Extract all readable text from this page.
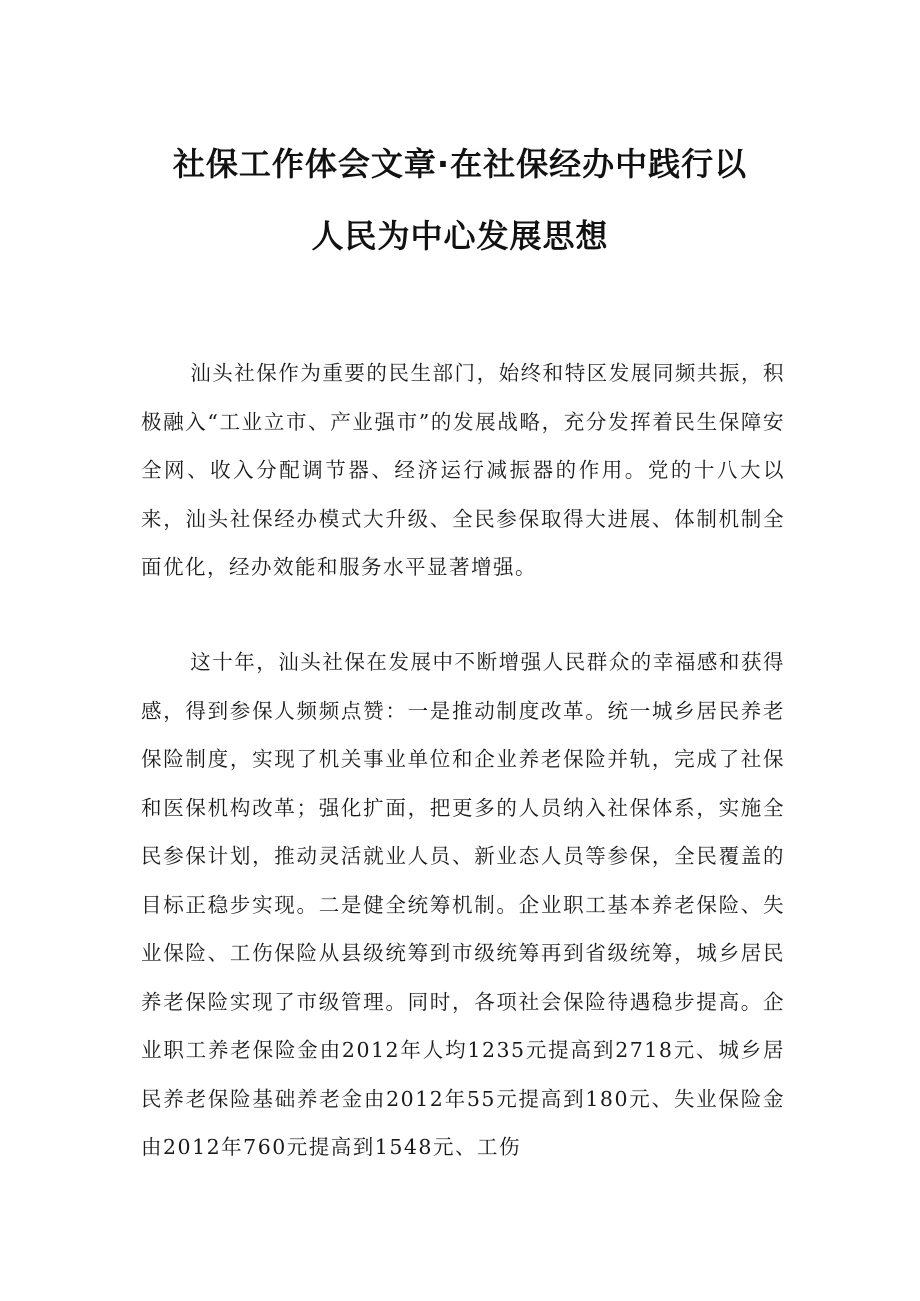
社保工作体会文章·在社保经办中践行以
人民为中心发展思想

汕头社保作为重要的民生部门，始终和特区发展同频共振，积极融入“工业立市、产业强市”的发展战略，充分发挥着民生保障安全网、收入分配调节器、经济运行减振器的作用。党的十八大以来，汕头社保经办模式大升级、全民参保取得大进展、体制机制全面优化，经办效能和服务水平显著增强。

这十年，汕头社保在发展中不断增强人民群众的幸福感和获得感，得到参保人频频点赞：一是推动制度改革。统一城乡居民养老保险制度，实现了机关事业单位和企业养老保险并轨，完成了社保和医保机构改革；强化扩面，把更多的人员纳入社保体系，实施全民参保计划，推动灵活就业人员、新业态人员等参保，全民覆盖的目标正稳步实现。二是健全统筹机制。企业职工基本养老保险、失业保险、工伤保险从县级统筹到市级统筹再到省级统筹，城乡居民养老保险实现了市级管理。同时，各项社会保险待遇稳步提高。企业职工养老保险金由2012年人均1235元提高到2718元、城乡居民养老保险基础养老金由2012年55元提高到180元、失业保险金由2012年760元提高到1548元、工伤
